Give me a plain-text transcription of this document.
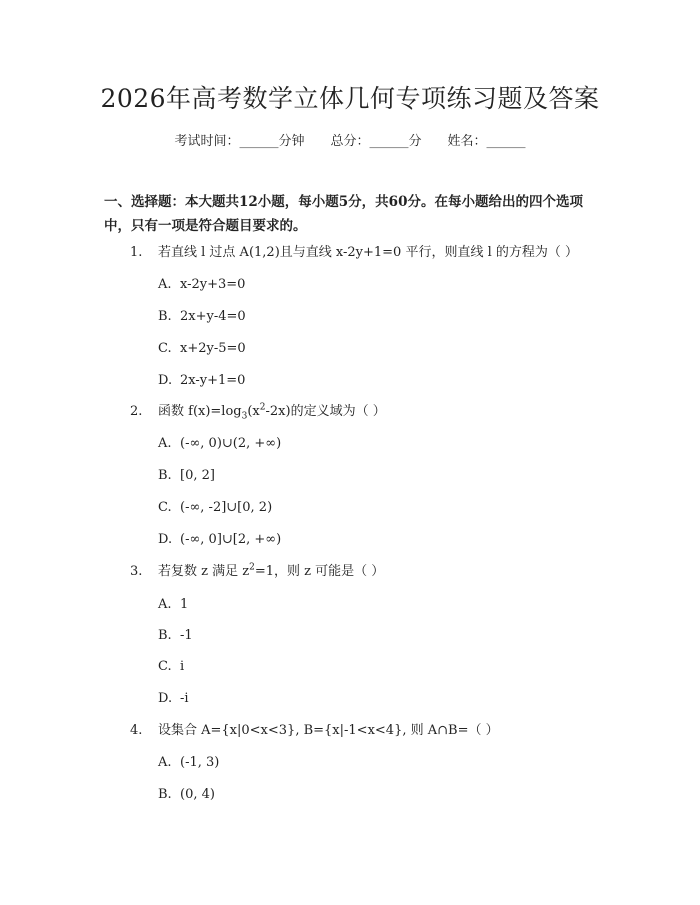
2026年高考数学立体几何专项练习题及答案
考试时间：______分钟 总分：______分 姓名：______
一、选择题：本大题共12小题，每小题5分，共60分。在每小题给出的四个选项中，只有一项是符合题目要求的。
1. 若直线 l 过点 A(1,2)且与直线 x-2y+1=0 平行，则直线 l 的方程为（ ）
A. x-2y+3=0
B. 2x+y-4=0
C. x+2y-5=0
D. 2x-y+1=0
2. 函数 $f(x)=\log_3(x^2-2x)$的定义域为（ ）
A. (-∞, 0)∪(2, +∞)
B. [0, 2]
C. (-∞, -2]∪[0, 2)
D. (-∞, 0]∪[2, +∞)
3. 若复数 z 满足 $z^2=1$，则 z 可能是（ ）
A. 1
B. -1
C. i
D. -i
4. 设集合 A={x|0<x<3}, B={x|-1<x<4}, 则 A∩B=（ ）
A. (-1, 3)
B. (0, 4)
